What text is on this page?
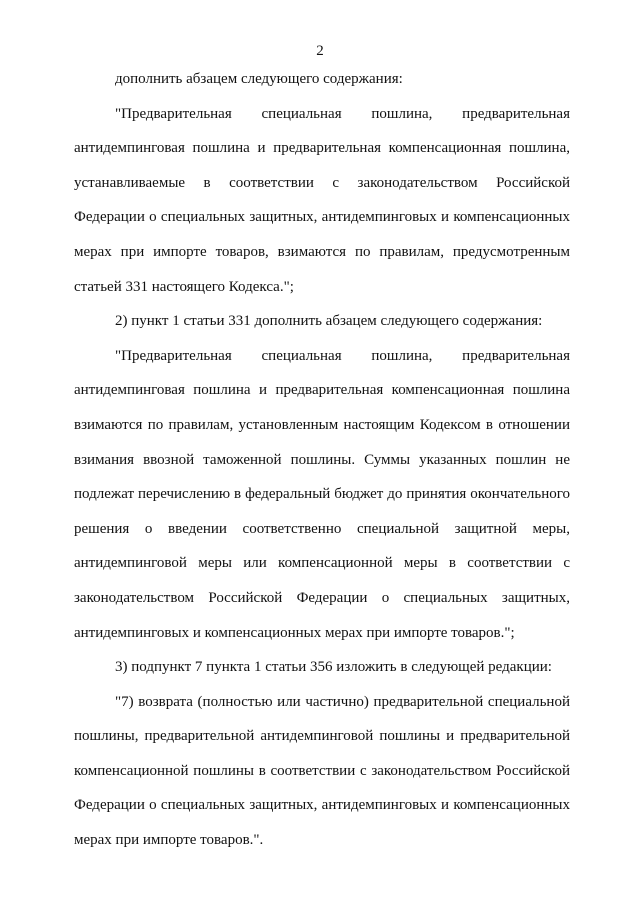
2

дополнить абзацем следующего содержания:

"Предварительная специальная пошлина, предварительная антидемпинговая пошлина и предварительная компенсационная пошлина, устанавливаемые в соответствии с законодательством Российской Федерации о специальных защитных, антидемпинговых и компенсационных мерах при импорте товаров, взимаются по правилам, предусмотренным статьей 331 настоящего Кодекса.";

2) пункт 1 статьи 331 дополнить абзацем следующего содержания:

"Предварительная специальная пошлина, предварительная антидемпинговая пошлина и предварительная компенсационная пошлина взимаются по правилам, установленным настоящим Кодексом в отношении взимания ввозной таможенной пошлины. Суммы указанных пошлин не подлежат перечислению в федеральный бюджет до принятия окончательного решения о введении соответственно специальной защитной меры, антидемпинговой меры или компенсационной меры в соответствии с законодательством Российской Федерации о специальных защитных, антидемпинговых и компенсационных мерах при импорте товаров.";

3) подпункт 7 пункта 1 статьи 356 изложить в следующей редакции:

"7) возврата (полностью или частично) предварительной специальной пошлины, предварительной антидемпинговой пошлины и предварительной компенсационной пошлины в соответствии с законодательством Российской Федерации о специальных защитных, антидемпинговых и компенсационных мерах при импорте товаров.".
